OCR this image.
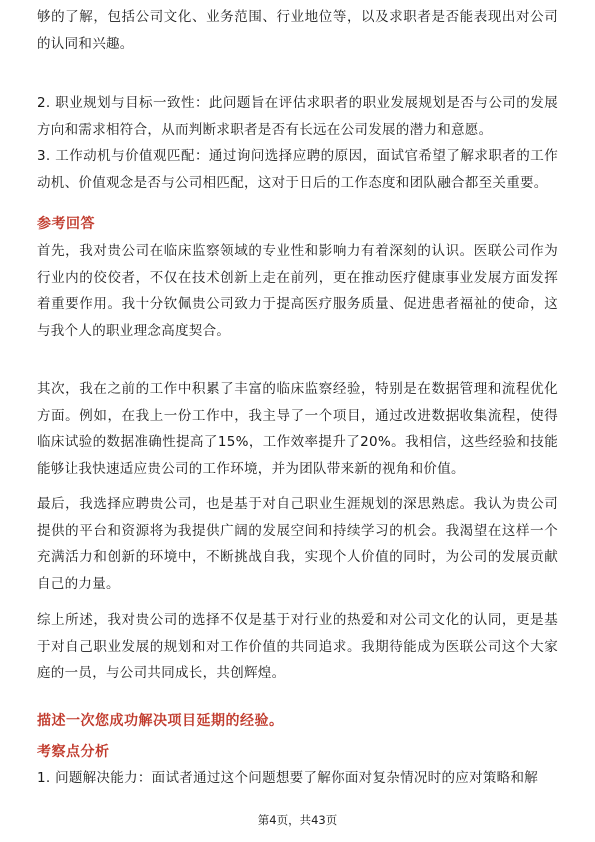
够的了解，包括公司文化、业务范围、行业地位等，以及求职者是否能表现出对公司的认同和兴趣。

2. 职业规划与目标一致性：此问题旨在评估求职者的职业发展规划是否与公司的发展方向和需求相符合，从而判断求职者是否有长远在公司发展的潜力和意愿。

3. 工作动机与价值观匹配：通过询问选择应聘的原因，面试官希望了解求职者的工作动机、价值观念是否与公司相匹配，这对于日后的工作态度和团队融合都至关重要。

参考回答

首先，我对贵公司在临床监察领域的专业性和影响力有着深刻的认识。医联公司作为行业内的佼佼者，不仅在技术创新上走在前列，更在推动医疗健康事业发展方面发挥着重要作用。我十分钦佩贵公司致力于提高医疗服务质量、促进患者福祉的使命，这与我个人的职业理念高度契合。

其次，我在之前的工作中积累了丰富的临床监察经验，特别是在数据管理和流程优化方面。例如，在我上一份工作中，我主导了一个项目，通过改进数据收集流程，使得临床试验的数据准确性提高了15%，工作效率提升了20%。我相信，这些经验和技能能够让我快速适应贵公司的工作环境，并为团队带来新的视角和价值。

最后，我选择应聘贵公司，也是基于对自己职业生涯规划的深思熟虑。我认为贵公司提供的平台和资源将为我提供广阔的发展空间和持续学习的机会。我渴望在这样一个充满活力和创新的环境中，不断挑战自我，实现个人价值的同时，为公司的发展贡献自己的力量。

综上所述，我对贵公司的选择不仅是基于对行业的热爱和对公司文化的认同，更是基于对自己职业发展的规划和对工作价值的共同追求。我期待能成为医联公司这个大家庭的一员，与公司共同成长，共创辉煌。

描述一次您成功解决项目延期的经验。
考察点分析

1. 问题解决能力：面试者通过这个问题想要了解你面对复杂情况时的应对策略和解

第4页，共43页
